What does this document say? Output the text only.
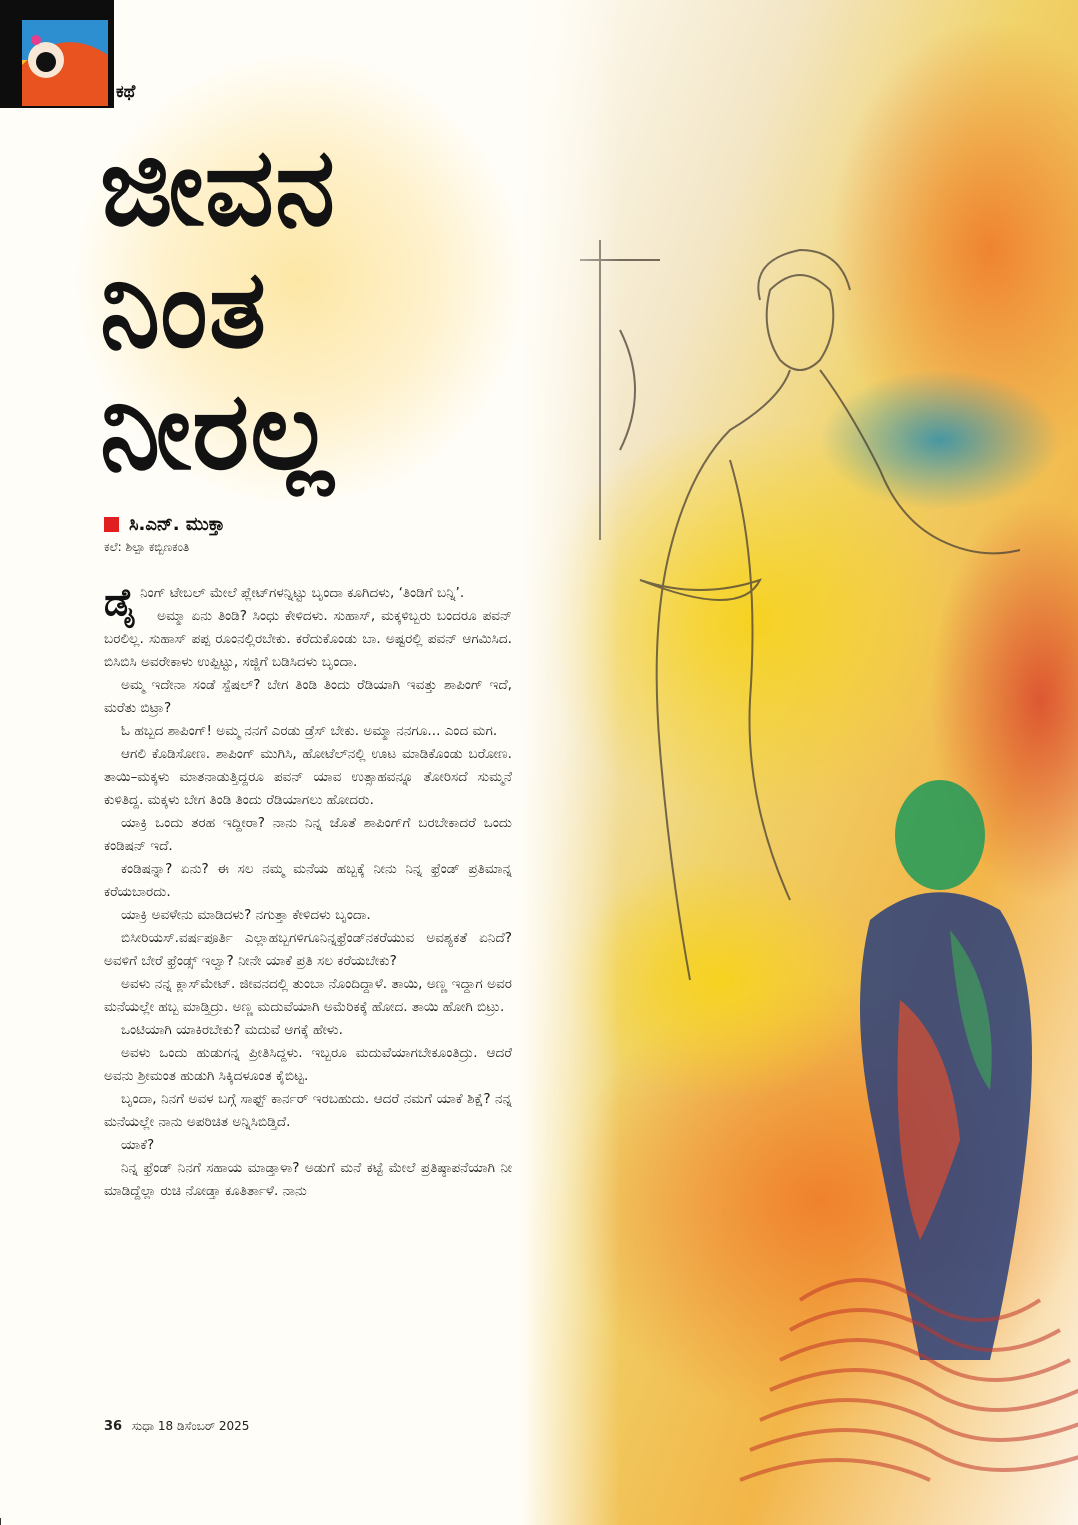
ಕಥೆ
ಜೀವನ
ನಿಂತ
ನೀರಲ್ಲ
ಸಿ.ಎನ್‌. ಮುಕ್ತಾ
ಕಲೆ: ಶಿಲ್ಪಾ ಕಬ್ಬಿಣಕಂತಿ

ಡೈನಿಂಗ್ ಟೇಬಲ್ ಮೇಲೆ ಪ್ಲೇಟ್‌ಗಳನ್ನಿಟ್ಟು ಬೃಂದಾ ಕೂಗಿದಳು, ‘ತಿಂಡಿಗೆ ಬನ್ನಿ’.

ಅಮ್ಮಾ ಏನು ತಿಂಡಿ? ಸಿಂಧು ಕೇಳಿದಳು. ಸುಹಾಸ್, ಮಕ್ಕಳಿಬ್ಬರು ಬಂದರೂ ಪವನ್ ಬರಲಿಲ್ಲ. ಸುಹಾಸ್ ಪಪ್ಪ ರೂಂನಲ್ಲಿರಬೇಕು. ಕರೆದುಕೊಂಡು ಬಾ. ಅಷ್ಟರಲ್ಲಿ ಪವನ್ ಆಗಮಿಸಿದ. ಬಿಸಿಬಿಸಿ ಅವರೇಕಾಳು ಉಪ್ಪಿಟ್ಟು, ಸಜ್ಜಿಗೆ ಬಡಿಸಿದಳು ಬೃಂದಾ.

ಅಮ್ಮ ಇದೇನಾ ಸಂಡೆ ಸ್ಪೆಷಲ್? ಬೇಗ ತಿಂಡಿ ತಿಂದು ರೆಡಿಯಾಗಿ ಇವತ್ತು ಶಾಪಿಂಗ್ ಇದೆ, ಮರೆತು ಬಿಟ್ರಾ?

ಓ ಹಬ್ಬದ ಶಾಪಿಂಗ್! ಅಮ್ಮ ನನಗೆ ಎರಡು ಡ್ರೆಸ್ ಬೇಕು. ಅಮ್ಮಾ ನನಗೂ... ಎಂದ ಮಗ.

ಆಗಲಿ ಕೊಡಿಸೋಣ. ಶಾಪಿಂಗ್ ಮುಗಿಸಿ, ಹೋಟೆಲ್‌ನಲ್ಲಿ ಊಟ ಮಾಡಿಕೊಂಡು ಬರೋಣ. ತಾಯಿ–ಮಕ್ಕಳು ಮಾತನಾಡುತ್ತಿದ್ದರೂ ಪವನ್ ಯಾವ ಉತ್ಸಾಹವನ್ನೂ ತೋರಿಸದೆ ಸುಮ್ಮನೆ ಕುಳಿತಿದ್ದ. ಮಕ್ಕಳು ಬೇಗ ತಿಂಡಿ ತಿಂದು ರೆಡಿಯಾಗಲು ಹೋದರು.

ಯಾಕ್ರಿ ಒಂದು ತರಹ ಇದ್ದೀರಾ? ನಾನು ನಿನ್ನ ಜೊತೆ ಶಾಪಿಂಗ್‌ಗೆ ಬರಬೇಕಾದರೆ ಒಂದು ಕಂಡಿಷನ್ ಇದೆ.

ಕಂಡಿಷನ್ನಾ? ಏನು? ಈ ಸಲ ನಮ್ಮ ಮನೆಯ ಹಬ್ಬಕ್ಕೆ ನೀನು ನಿನ್ನ ಫ್ರೆಂಡ್ ಪ್ರತಿಮಾನ್ನ ಕರೆಯಬಾರದು.

ಯಾಕ್ರಿ ಅವಳೇನು ಮಾಡಿದಳು? ನಗುತ್ತಾ ಕೇಳಿದಳು ಬೃಂದಾ.

ಬಿಸೀರಿಯಸ್.ವರ್ಷಪೂರ್ತಿ ಎಲ್ಲಾಹಬ್ಬಗಳಿಗೂನಿನ್ನಫ್ರೆಂಡ್‌ನಕರೆಯುವ ಅವಶ್ಯಕತೆ ಏನಿದೆ? ಅವಳಿಗೆ ಬೇರೆ ಫ್ರೆಂಡ್ಸ್ ಇಲ್ವಾ? ನೀನೇ ಯಾಕೆ ಪ್ರತಿ ಸಲ ಕರೆಯಬೇಕು?

ಅವಳು ನನ್ನ ಕ್ಲಾಸ್‌ಮೇಟ್. ಜೀವನದಲ್ಲಿ ತುಂಬಾ ನೊಂದಿದ್ದಾಳೆ. ತಾಯಿ, ಅಣ್ಣ ಇದ್ದಾಗ ಅವರ ಮನೆಯಲ್ಲೇ ಹಬ್ಬ ಮಾಡ್ತಿದ್ರು. ಅಣ್ಣ ಮದುವೆಯಾಗಿ ಅಮೆರಿಕಕ್ಕೆ ಹೋದ. ತಾಯಿ ಹೋಗಿ ಬಿಟ್ರು.

ಒಂಟಿಯಾಗಿ ಯಾಕಿರಬೇಕು? ಮದುವೆ ಆಗಕ್ಕೆ ಹೇಳು.

ಅವಳು ಒಂದು ಹುಡುಗನ್ನ ಪ್ರೀತಿಸಿದ್ದಳು. ಇಬ್ಬರೂ ಮದುವೆಯಾಗಬೇಕೂಂತಿದ್ರು. ಆದರೆ ಅವನು ಶ್ರೀಮಂತ ಹುಡುಗಿ ಸಿಕ್ಕಿದಳೂಂತ ಕೈಬಿಟ್ಟ.

ಬೃಂದಾ, ನಿನಗೆ ಅವಳ ಬಗ್ಗೆ ಸಾಫ್ಟ್ ಕಾರ್ನರ್ ಇರಬಹುದು. ಆದರೆ ನಮಗೆ ಯಾಕೆ ಶಿಕ್ಷೆ? ನನ್ನ ಮನೆಯಲ್ಲೇ ನಾನು ಅಪರಿಚಿತ ಅನ್ನಿಸಿಬಿಡ್ತಿದೆ.

ಯಾಕೆ?

ನಿನ್ನ ಫ್ರೆಂಡ್ ನಿನಗೆ ಸಹಾಯ ಮಾಡ್ತಾಳಾ? ಅಡುಗೆ ಮನೆ ಕಟ್ಟೆ ಮೇಲೆ ಪ್ರತಿಷ್ಠಾಪನೆಯಾಗಿ ನೀ ಮಾಡಿದ್ದೆಲ್ಲಾ ರುಚಿ ನೋಡ್ತಾ ಕೂತಿರ್ತಾಳೆ. ನಾನು

36 ಸುಧಾ 18 ಡಿಸೆಂಬರ್ 2025
